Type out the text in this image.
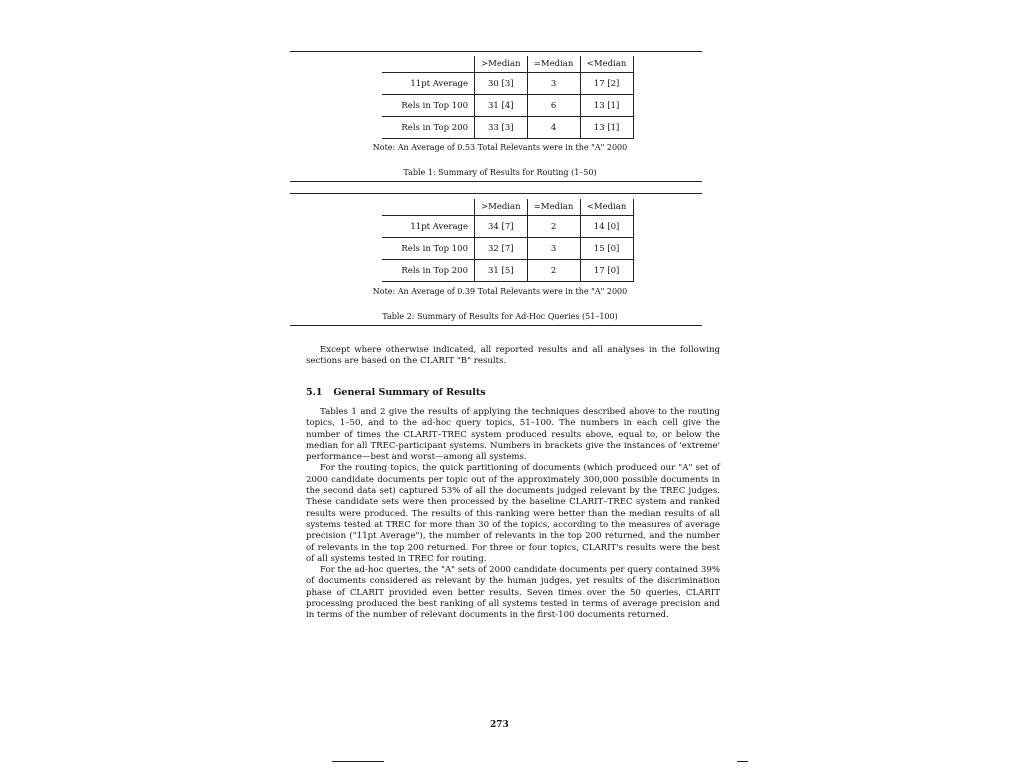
	>Median	=Median	<Median
11pt Average	30 [3]	3	17 [2]
Rels in Top 100	31 [4]	6	13 [1]
Rels in Top 200	33 [3]	4	13 [1]
Note: An Average of 0.53 Total Relevants were in the "A" 2000
Table 1: Summary of Results for Routing (1–50)
	>Median	=Median	<Median
11pt Average	34 [7]	2	14 [0]
Rels in Top 100	32 [7]	3	15 [0]
Rels in Top 200	31 [5]	2	17 [0]
Note: An Average of 0.39 Total Relevants were in the "A" 2000
Table 2: Summary of Results for Ad-Hoc Queries (51–100)

Except where otherwise indicated, all reported results and all analyses in the following sections are based on the CLARIT "B" results.

5.1 General Summary of Results

Tables 1 and 2 give the results of applying the techniques described above to the routing topics, 1–50, and to the ad-hoc query topics, 51–100. The numbers in each cell give the number of times the CLARIT–TREC system produced results above, equal to, or below the median for all TREC-participant systems. Numbers in brackets give the instances of 'extreme' performance—best and worst—among all systems.

For the routing topics, the quick partitioning of documents (which produced our "A" set of 2000 candidate documents per topic out of the approximately 300,000 possible documents in the second data set) captured 53% of all the documents judged relevant by the TREC judges. These candidate sets were then processed by the baseline CLARIT–TREC system and ranked results were produced. The results of this ranking were better than the median results of all systems tested at TREC for more than 30 of the topics, according to the measures of average precision ("11pt Average"), the number of relevants in the top 200 returned, and the number of relevants in the top 200 returned. For three or four topics, CLARIT's results were the best of all systems tested in TREC for routing.

For the ad-hoc queries, the "A" sets of 2000 candidate documents per query contained 39% of documents considered as relevant by the human judges, yet results of the discrimination phase of CLARIT provided even better results. Seven times over the 50 queries, CLARIT processing produced the best ranking of all systems tested in terms of average precision and in terms of the number of relevant documents in the first-100 documents returned.

273
